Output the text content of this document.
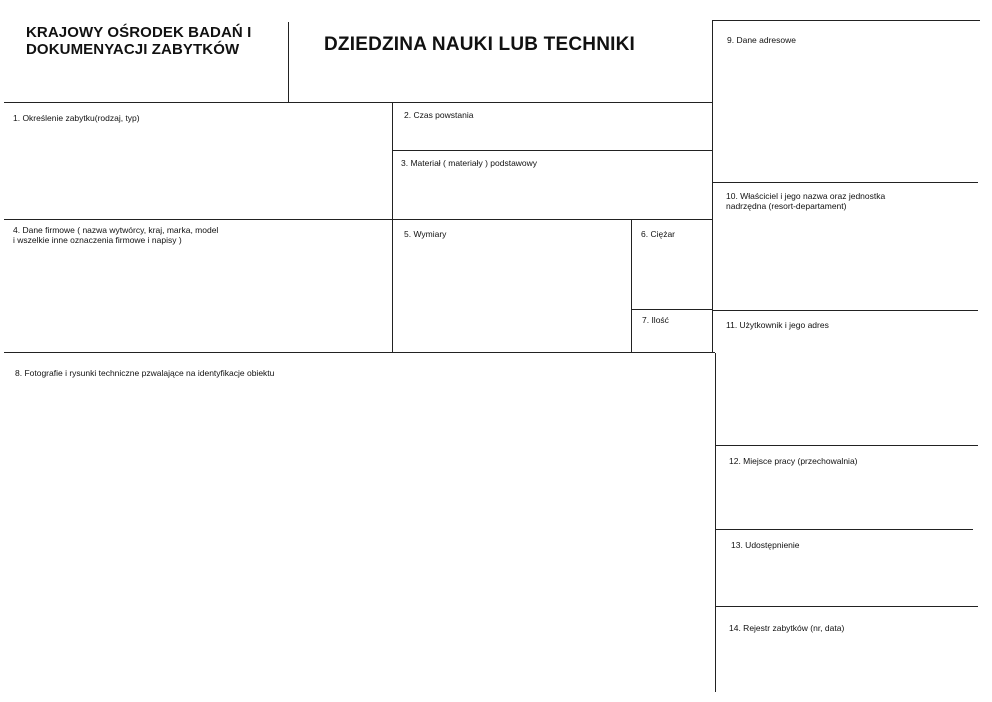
KRAJOWY OŚRODEK BADAŃ I
DOKUMENYACJI ZABYTKÓW	DZIEDZINA NAUKI LUB TECHNIKI
1. Określenie zabytku(rodzaj, typ)	2. Czas powstania
3. Materiał ( materiały ) podstawowy
4. Dane firmowe ( nazwa wytwórcy, kraj, marka, model
i wszelkie inne oznaczenia firmowe i napisy )
5. Wymiary	6. Ciężar
7. Ilość
8. Fotografie i rysunki techniczne pzwalające na identyfikacje obiektu
9. Dane adresowe
10. Właściciel i jego nazwa oraz jednostka
nadrzędna (resort-departament)
11. Użytkownik i jego adres
12. Miejsce pracy (przechowalnia)
13. Udostępnienie
14. Rejestr zabytków (nr, data)
